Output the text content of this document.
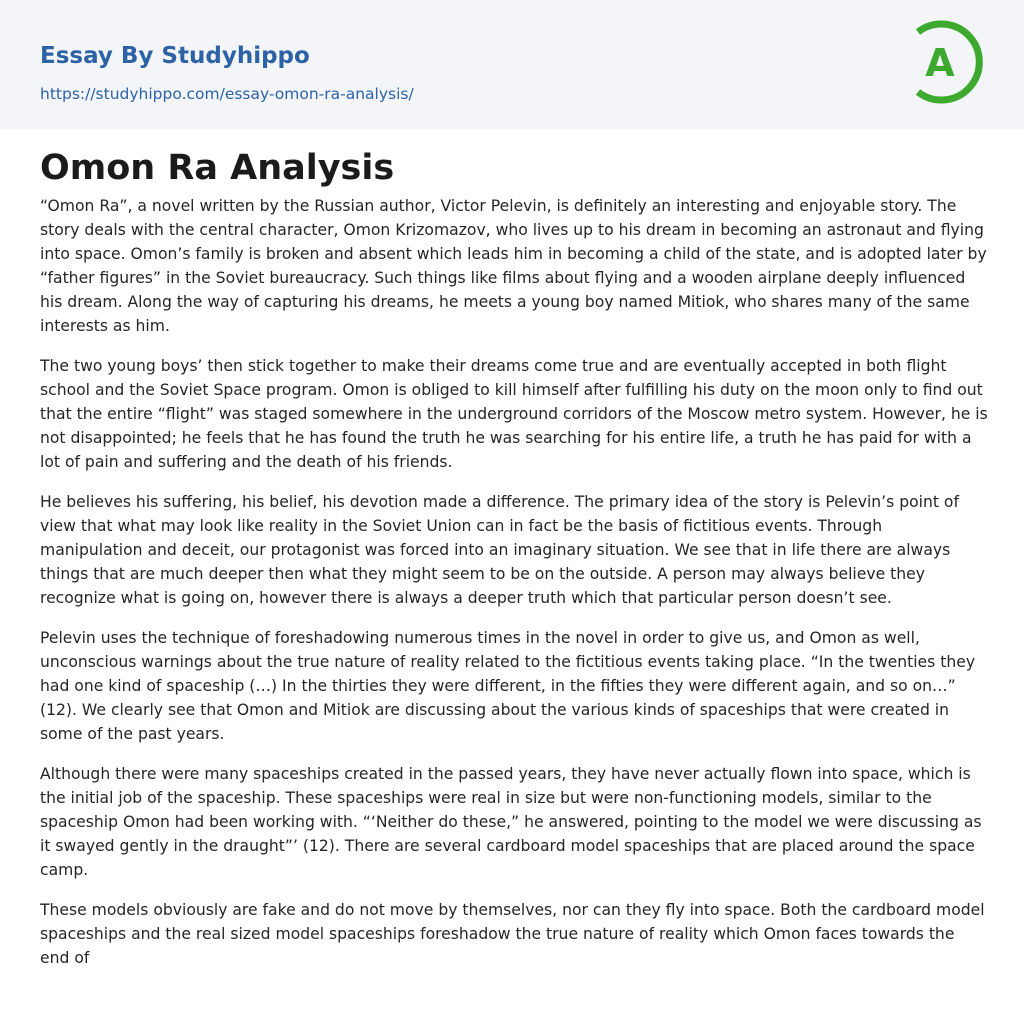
Essay By Studyhippo
https://studyhippo.com/essay-omon-ra-analysis/
A
Omon Ra Analysis

“Omon Ra”, a novel written by the Russian author, Victor Pelevin, is definitely an interesting and enjoyable story. The story deals with the central character, Omon Krizomazov, who lives up to his dream in becoming an astronaut and flying into space. Omon’s family is broken and absent which leads him in becoming a child of the state, and is adopted later by “father figures” in the Soviet bureaucracy. Such things like films about flying and a wooden airplane deeply influenced his dream. Along the way of capturing his dreams, he meets a young boy named Mitiok, who shares many of the same interests as him.

The two young boys’ then stick together to make their dreams come true and are eventually accepted in both flight school and the Soviet Space program. Omon is obliged to kill himself after fulfilling his duty on the moon only to find out that the entire “flight” was staged somewhere in the underground corridors of the Moscow metro system. However, he is not disappointed; he feels that he has found the truth he was searching for his entire life, a truth he has paid for with a lot of pain and suffering and the death of his friends.

He believes his suffering, his belief, his devotion made a difference. The primary idea of the story is Pelevin’s point of view that what may look like reality in the Soviet Union can in fact be the basis of fictitious events. Through manipulation and deceit, our protagonist was forced into an imaginary situation. We see that in life there are always things that are much deeper then what they might seem to be on the outside. A person may always believe they recognize what is going on, however there is always a deeper truth which that particular person doesn’t see.

Pelevin uses the technique of foreshadowing numerous times in the novel in order to give us, and Omon as well, unconscious warnings about the true nature of reality related to the fictitious events taking place. “In the twenties they had one kind of spaceship (…) In the thirties they were different, in the fifties they were different again, and so on…” (12). We clearly see that Omon and Mitiok are discussing about the various kinds of spaceships that were created in some of the past years.

Although there were many spaceships created in the passed years, they have never actually flown into space, which is the initial job of the spaceship. These spaceships were real in size but were non-functioning models, similar to the spaceship Omon had been working with. “‘Neither do these,” he answered, pointing to the model we were discussing as it swayed gently in the draught”’ (12). There are several cardboard model spaceships that are placed around the space camp.

These models obviously are fake and do not move by themselves, nor can they fly into space. Both the cardboard model spaceships and the real sized model spaceships foreshadow the true nature of reality which Omon faces towards the end of
